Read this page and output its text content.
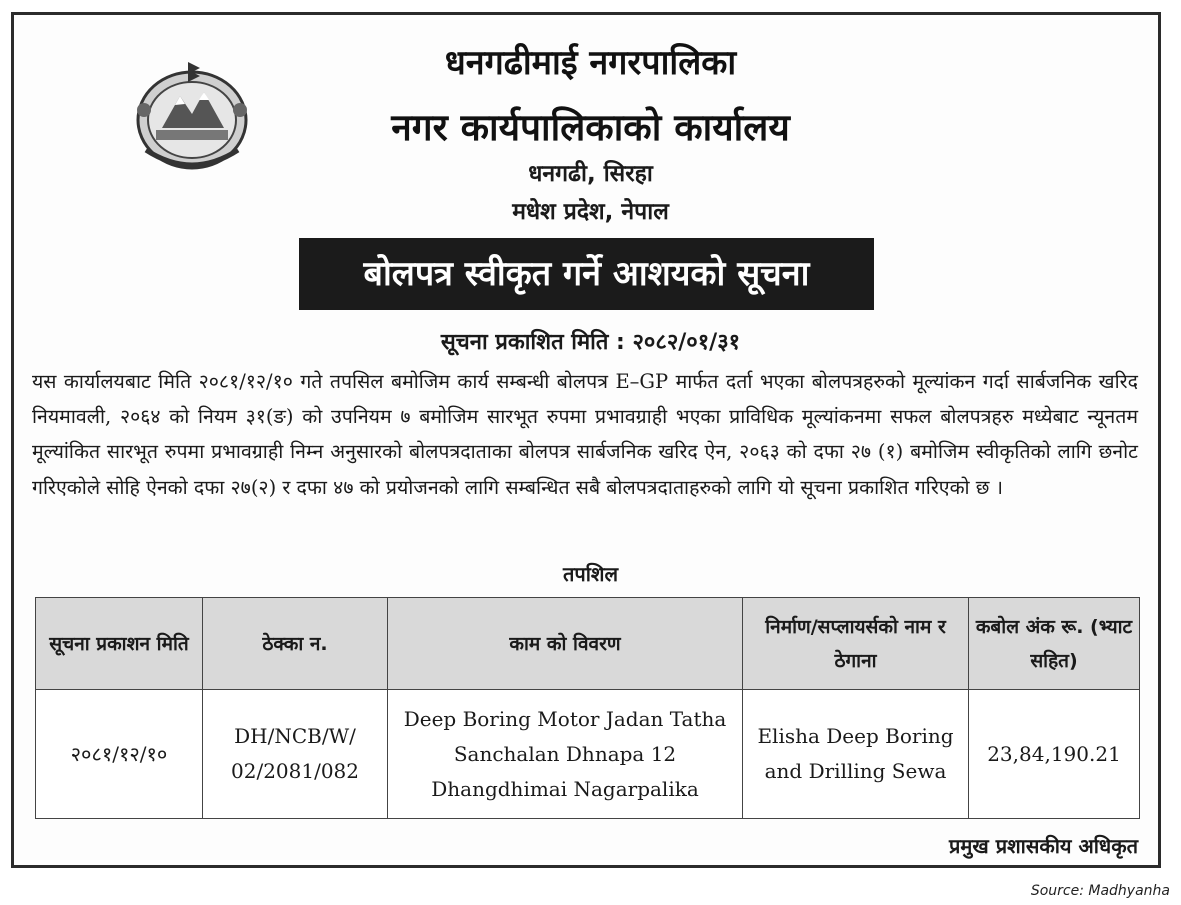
धनगढीमाई नगरपालिका
नगर कार्यपालिकाको कार्यालय
धनगढी, सिरहा
मधेश प्रदेश, नेपाल
बोलपत्र स्वीकृत गर्ने आशयको सूचना
सूचना प्रकाशित मिति : २०८२/०१/३१
यस कार्यालयबाट मिति २०८१/१२/१० गते तपसिल बमोजिम कार्य सम्बन्धी बोलपत्र E–GP मार्फत दर्ता भएका बोलपत्रहरुको मूल्यांकन गर्दा सार्बजनिक खरिद नियमावली, २०६४ को नियम ३१(ङ) को उपनियम ७ बमोजिम सारभूत रुपमा प्रभावग्राही भएका प्राविधिक मूल्यांकनमा सफल बोलपत्रहरु मध्येबाट न्यूनतम मूल्यांकित सारभूत रुपमा प्रभावग्राही निम्न अनुसारको बोलपत्रदाताका बोलपत्र सार्बजनिक खरिद ऐन, २०६३ को दफा २७ (१) बमोजिम स्वीकृतिको लागि छनोट गरिएकोले सोहि ऐनको दफा २७(२) र दफा ४७ को प्रयोजनको लागि सम्बन्धित सबै बोलपत्रदाताहरुको लागि यो सूचना प्रकाशित गरिएको छ ।
तपशिल
सूचना प्रकाशन मिति	ठेक्का न.	काम को विवरण	निर्माण/सप्लायर्सको नाम र ठेगाना	कबोल अंक रू. (भ्याट सहित)
२०८१/१२/१०	DH/NCB/W/ 02/2081/082	Deep Boring Motor Jadan Tatha Sanchalan Dhnapa 12 Dhangdhimai Nagarpalika	Elisha Deep Boring and Drilling Sewa	23,84,190.21
प्रमुख प्रशासकीय अधिकृत
Source: Madhyanha
